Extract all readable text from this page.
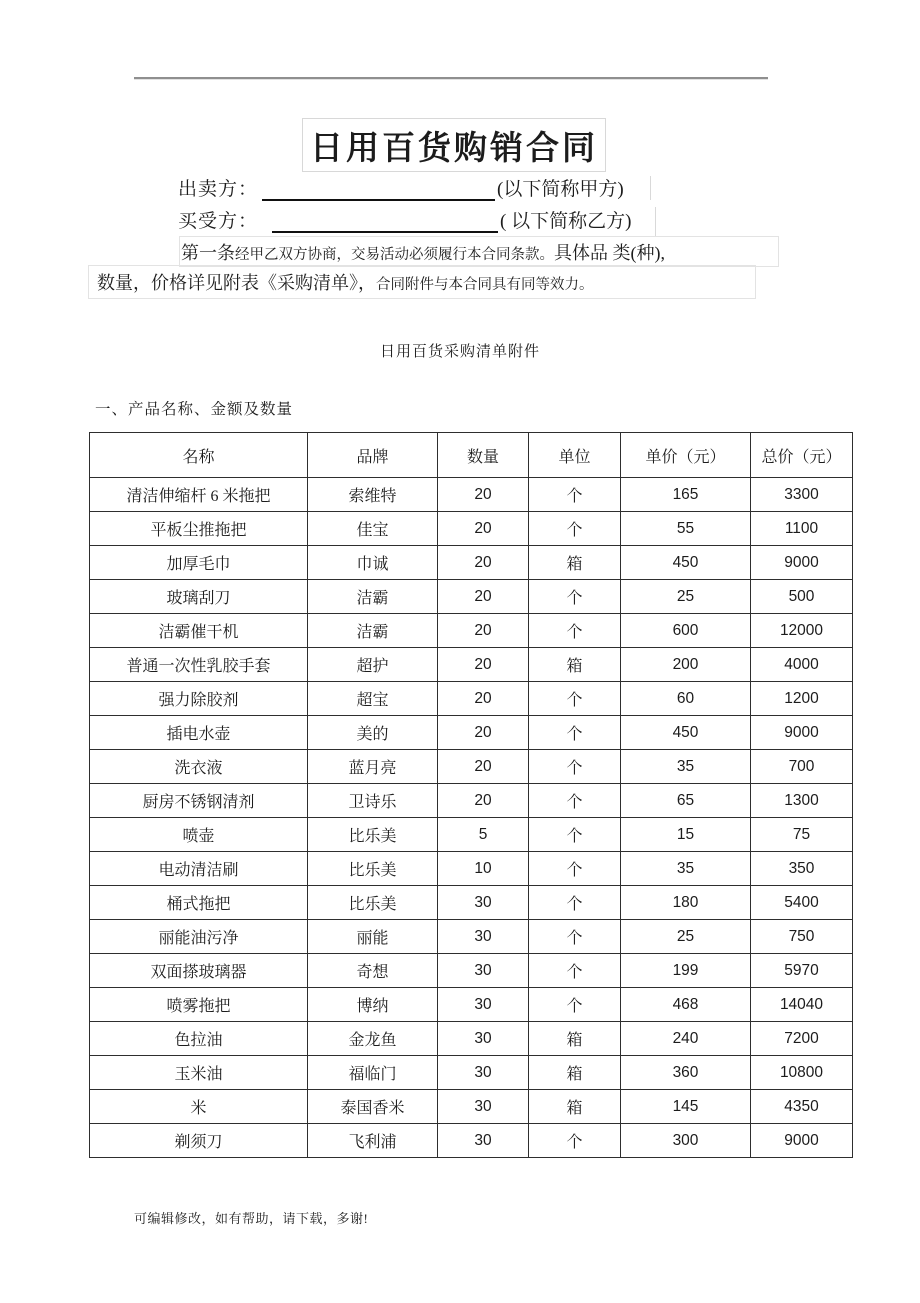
日用百货购销合同
出卖方：	(以下简称甲方)
买受方：	( 以下简称乙方)
第一条经甲乙双方协商，交易活动必须履行本合同条款。具体品 类(种),
数量，价格详见附表《采购清单》，合同附件与本合同具有同等效力。
日用百货采购清单附件
一、产品名称、金额及数量
名称	品牌	数量	单位	单价（元）	总价（元）
清洁伸缩杆 6 米拖把	索维特	20	个	165	3300
平板尘推拖把	佳宝	20	个	55	1100
加厚毛巾	巾诚	20	箱	450	9000
玻璃刮刀	洁霸	20	个	25	500
洁霸催干机	洁霸	20	个	600	12000
普通一次性乳胶手套	超护	20	箱	200	4000
强力除胶剂	超宝	20	个	60	1200
插电水壶	美的	20	个	450	9000
洗衣液	蓝月亮	20	个	35	700
厨房不锈钢清剂	卫诗乐	20	个	65	1300
喷壶	比乐美	5	个	15	75
电动清洁刷	比乐美	10	个	35	350
桶式拖把	比乐美	30	个	180	5400
丽能油污净	丽能	30	个	25	750
双面搽玻璃器	奇想	30	个	199	5970
喷雾拖把	博纳	30	个	468	14040
色拉油	金龙鱼	30	箱	240	7200
玉米油	福临门	30	箱	360	10800
米	泰国香米	30	箱	145	4350
剃须刀	飞利浦	30	个	300	9000
可编辑修改，如有帮助，请下载，多谢!
